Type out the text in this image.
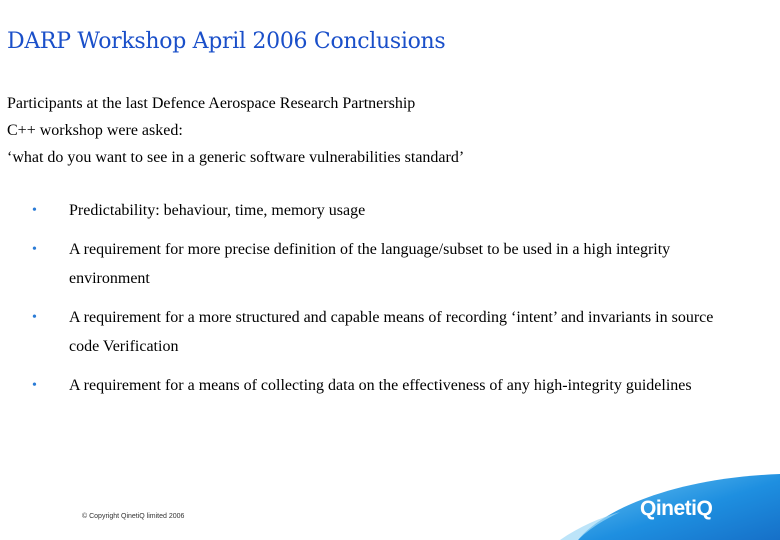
DARP Workshop April 2006 Conclusions

Participants at the last Defence Aerospace Research Partnership
C++ workshop were asked:
‘what do you want to see in a generic software vulnerabilities standard’

• Predictability: behaviour, time, memory usage
• A requirement for more precise definition of the language/subset to be used in a high integrity environment
• A requirement for a more structured and capable means of recording ‘intent’ and invariants in source code Verification
• A requirement for a means of collecting data on the effectiveness of any high-integrity guidelines
© Copyright QinetiQ limited 2006	QinetiQ
